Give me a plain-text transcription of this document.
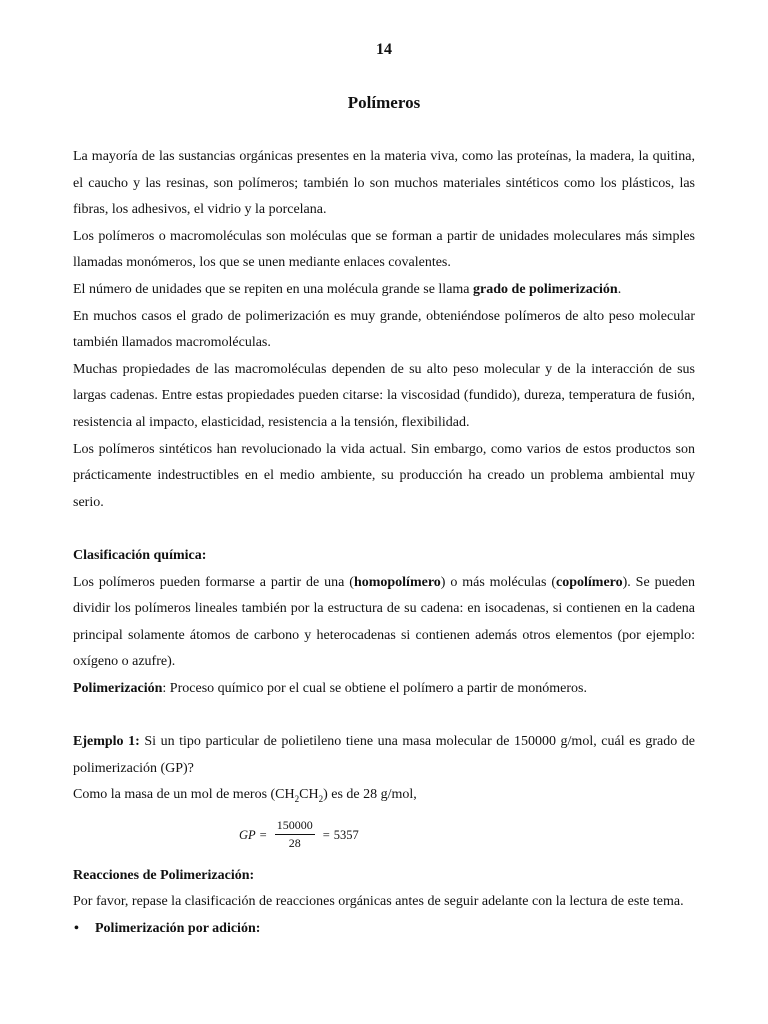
14
Polímeros

La mayoría de las sustancias orgánicas presentes en la materia viva, como las proteínas, la madera, la quitina, el caucho y las resinas, son polímeros; también lo son muchos materiales sintéticos como los plásticos, las fibras, los adhesivos, el vidrio y la porcelana.

Los polímeros o macromoléculas son moléculas que se forman a partir de unidades moleculares más simples llamadas monómeros, los que se unen mediante enlaces covalentes.

El número de unidades que se repiten en una molécula grande se llama grado de polimerización.

En muchos casos el grado de polimerización es muy grande, obteniéndose polímeros de alto peso molecular también llamados macromoléculas.

Muchas propiedades de las macromoléculas dependen de su alto peso molecular y de la interacción de sus largas cadenas. Entre estas propiedades pueden citarse: la viscosidad (fundido), dureza, temperatura de fusión, resistencia al impacto, elasticidad, resistencia a la tensión, flexibilidad.

Los polímeros sintéticos han revolucionado la vida actual. Sin embargo, como varios de estos productos son prácticamente indestructibles en el medio ambiente, su producción ha creado un problema ambiental muy serio.

Clasificación química:

Los polímeros pueden formarse a partir de una (homopolímero) o más moléculas (copolímero). Se pueden dividir los polímeros lineales también por la estructura de su cadena: en isocadenas, si contienen en la cadena principal solamente átomos de carbono y heterocadenas si contienen además otros elementos (por ejemplo: oxígeno o azufre).

Polimerización: Proceso químico por el cual se obtiene el polímero a partir de monómeros.

Ejemplo 1: Si un tipo particular de polietileno tiene una masa molecular de 150000 g/mol, cuál es grado de polimerización (GP)?

Como la masa de un mol de meros $(CH_2CH_2)$ es de 28 g/mol,

GP = $\frac{150000}{28} = 5357$

Reacciones de Polimerización:

Por favor, repase la clasificación de reacciones orgánicas antes de seguir adelante con la lectura de este tema.

• Polimerización por adición:
